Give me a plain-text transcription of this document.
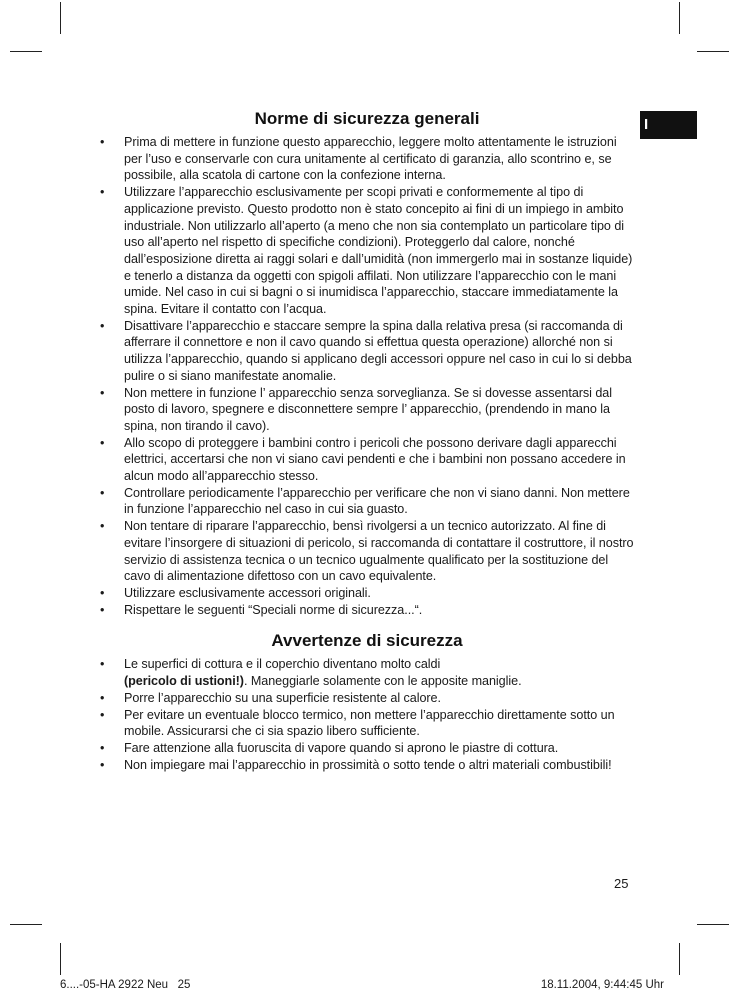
I
Norme di sicurezza generali
• Prima di mettere in funzione questo apparecchio, leggere molto attentamente le istruzioni per l’uso e conservarle con cura unitamente al certificato di garanzia, allo scontrino e, se possibile, alla scatola di cartone con la confezione interna.
• Utilizzare l’apparecchio esclusivamente per scopi privati e conformemente al tipo di applicazione previsto. Questo prodotto non è stato concepito ai fini di un impiego in ambito industriale. Non utilizzarlo all’aperto (a meno che non sia contemplato un particolare tipo di uso all’aperto nel rispetto di specifiche condizioni). Proteggerlo dal calore, nonché dall’esposizione diretta ai raggi solari e dall’umidità (non immergerlo mai in sostanze liquide) e tenerlo a distanza da oggetti con spigoli affilati. Non utilizzare l’apparecchio con le mani umide. Nel caso in cui si bagni o si inumidisca l’apparecchio, staccare immediatamente la spina. Evitare il contatto con l’acqua.
• Disattivare l’apparecchio e staccare sempre la spina dalla relativa presa (si raccomanda di afferrare il connettore e non il cavo quando si effettua questa operazione) allorché non si utilizza l’apparecchio, quando si applicano degli accessori oppure nel caso in cui lo si debba pulire o si siano manifestate anomalie.
• Non mettere in funzione l’ apparecchio senza sorveglianza. Se si dovesse assentarsi dal posto di lavoro, spegnere e disconnettere sempre l’ apparecchio, (prendendo in mano la spina, non tirando il cavo).
• Allo scopo di proteggere i bambini contro i pericoli che possono derivare dagli apparecchi elettrici, accertarsi che non vi siano cavi pendenti e che i bambini non possano accedere in alcun modo all’apparecchio stesso.
• Controllare periodicamente l’apparecchio per verificare che non vi siano danni. Non mettere in funzione l’apparecchio nel caso in cui sia guasto.
• Non tentare di riparare l’apparecchio, bensì rivolgersi a un tecnico autorizzato. Al fine di evitare l’insorgere di situazioni di pericolo, si raccomanda di contattare il costruttore, il nostro servizio di assistenza tecnica o un tecnico ugualmente qualificato per la sostituzione del cavo di alimentazione difettoso con un cavo equivalente.
• Utilizzare esclusivamente accessori originali.
• Rispettare le seguenti “Speciali norme di sicurezza...“.
Avvertenze di sicurezza
• Le superfici di cottura e il coperchio diventano molto caldi
(pericolo di ustioni!). Maneggiarle solamente con le apposite maniglie.
• Porre l’apparecchio su una superficie resistente al calore.
• Per evitare un eventuale blocco termico, non mettere l’apparecchio direttamente sotto un mobile. Assicurarsi che ci sia spazio libero sufficiente.
• Fare attenzione alla fuoruscita di vapore quando si aprono le piastre di cottura.
• Non impiegare mai l’apparecchio in prossimità o sotto tende o altri materiali combustibili!
25
6....-05-HA 2922 Neu   25	18.11.2004, 9:44:45 Uhr
